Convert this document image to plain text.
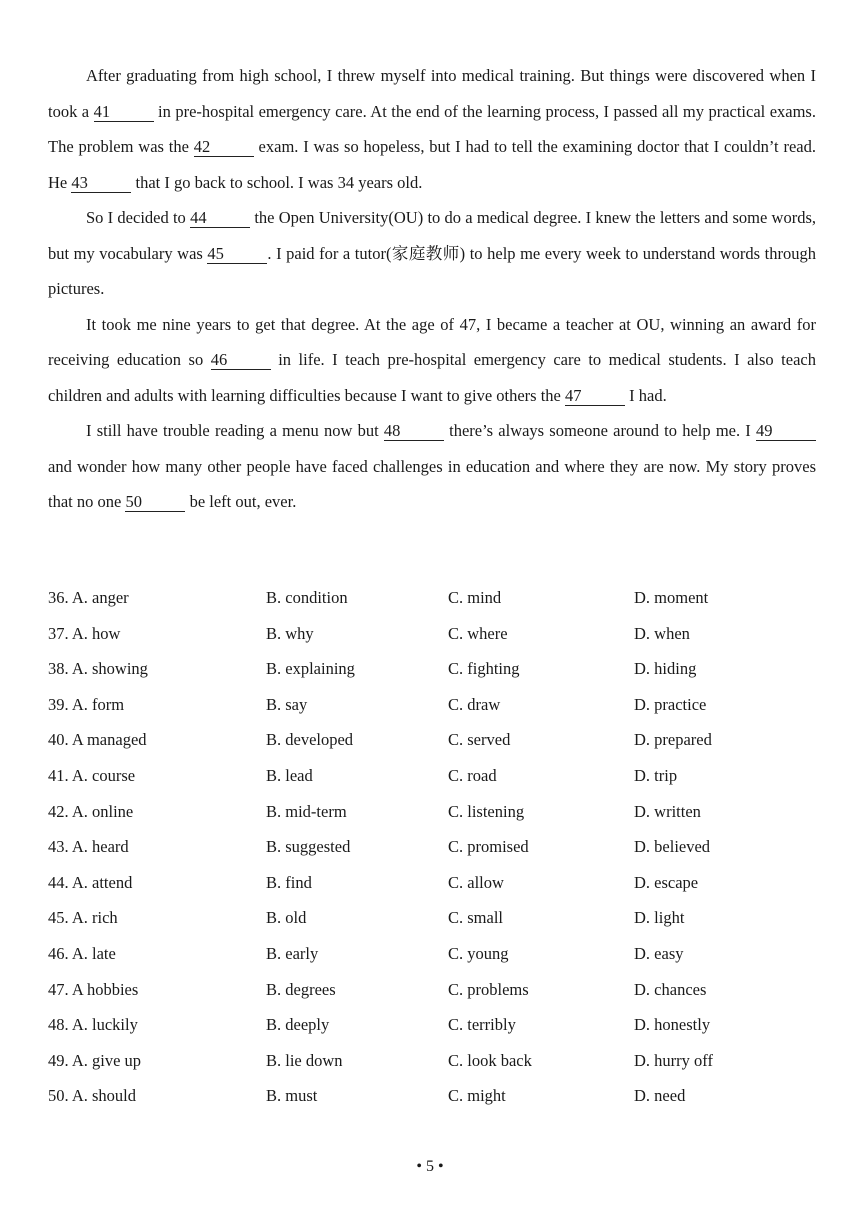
After graduating from high school, I threw myself into medical training. But things were discovered when I took a 41	in pre-hospital emergency care. At the end of the learning process, I passed all my practical exams. The problem was the 42	exam. I was so hopeless, but I had to tell the examining doctor that I couldn’t read. He 43	that I go back to school. I was 34 years old.

So I decided to 44	the Open University(OU) to do a medical degree. I knew the letters and some words, but my vocabulary was 45	. I paid for a tutor(家庭教师) to help me every week to understand words through pictures.

It took me nine years to get that degree. At the age of 47, I became a teacher at OU, winning an award for receiving education so 46	in life. I teach pre-hospital emergency care to medical students. I also teach children and adults with learning difficulties because I want to give others the 47	I had.

I still have trouble reading a menu now but 48	there’s always someone around to help me. I 49 and wonder how many other people have faced challenges in education and where they are now. My story proves that no one 50	be left out, ever.

36. A. anger	B. condition	C. mind	D. moment
37. A. how	B. why	C. where	D. when
38. A. showing	B. explaining	C. fighting	D. hiding
39. A. form	B. say	C. draw	D. practice
40. A managed	B. developed	C. served	D. prepared
41. A. course	B. lead	C. road	D. trip
42. A. online	B. mid-term	C. listening	D. written
43. A. heard	B. suggested	C. promised	D. believed
44. A. attend	B. find	C. allow	D. escape
45. A. rich	B. old	C. small	D. light
46. A. late	B. early	C. young	D. easy
47. A hobbies	B. degrees	C. problems	D. chances
48. A. luckily	B. deeply	C. terribly	D. honestly
49. A. give up	B. lie down	C. look back	D. hurry off
50. A. should	B. must	C. might	D. need
• 5 •
